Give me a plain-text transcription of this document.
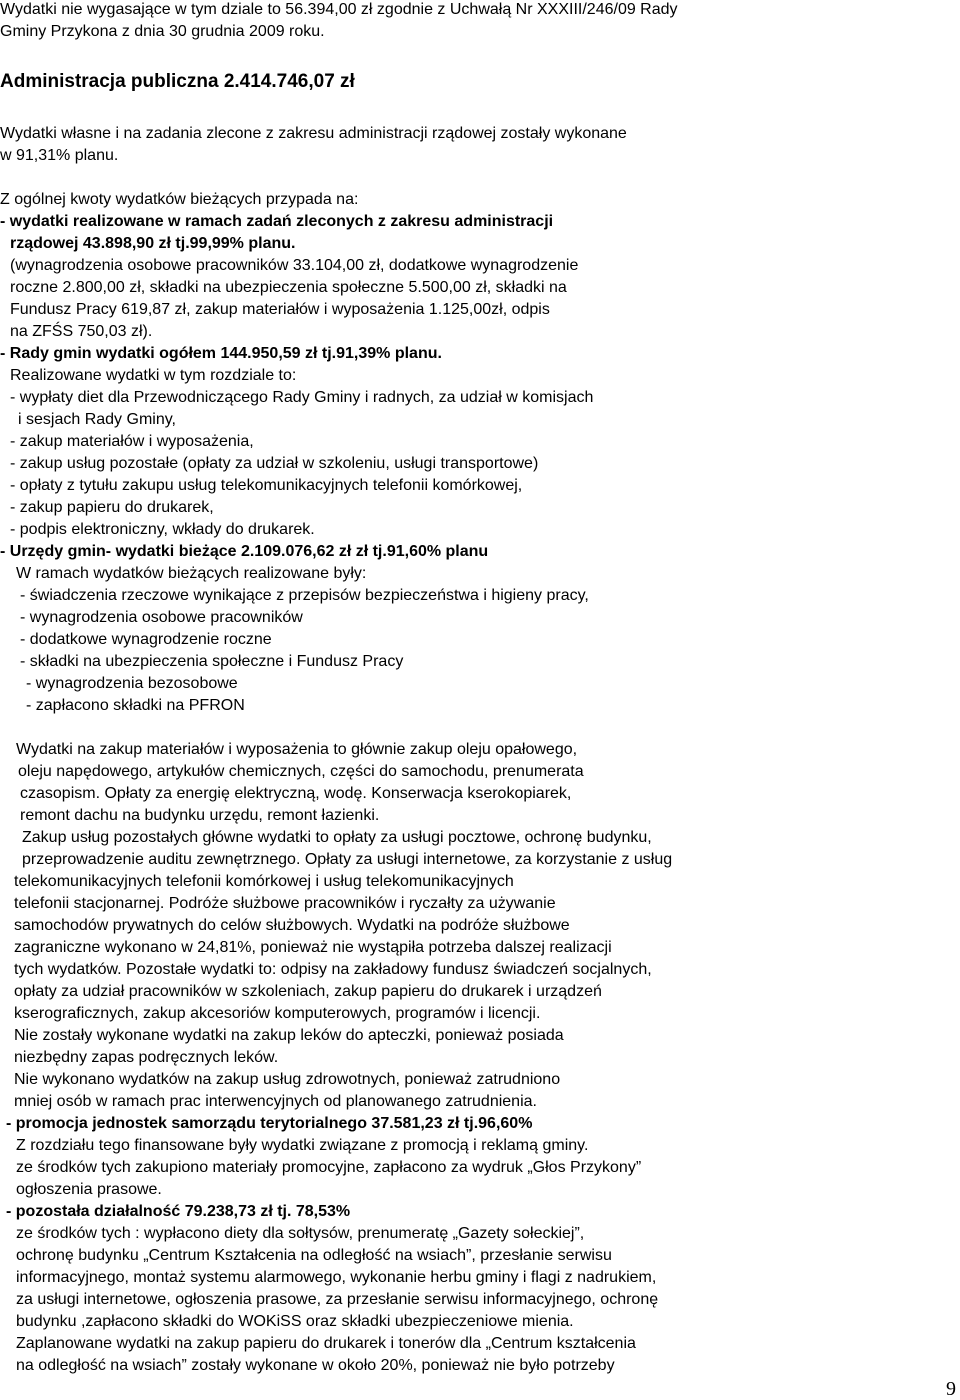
Wydatki nie wygasające w tym dziale to 56.394,00 zł zgodnie z Uchwałą Nr XXXIII/246/09 Rady

Gminy Przykona z dnia 30 grudnia 2009 roku.

Administracja publiczna 2.414.746,07 zł

Wydatki własne i na zadania zlecone z zakresu administracji rządowej zostały wykonane

w 91,31% planu.

Z ogólnej kwoty wydatków bieżących przypada na:

- wydatki realizowane w ramach zadań zleconych z zakresu administracji

rządowej 43.898,90 zł tj.99,99% planu.

(wynagrodzenia osobowe pracowników 33.104,00 zł, dodatkowe wynagrodzenie

roczne 2.800,00 zł, składki na ubezpieczenia społeczne 5.500,00 zł, składki na

Fundusz Pracy 619,87 zł, zakup materiałów i wyposażenia 1.125,00zł, odpis

na ZFŚS 750,03 zł).

- Rady gmin wydatki ogółem 144.950,59 zł tj.91,39% planu.

Realizowane wydatki w tym rozdziale to:

- wypłaty diet dla Przewodniczącego Rady Gminy i radnych, za udział w komisjach

i sesjach Rady Gminy,

- zakup materiałów i wyposażenia,

- zakup usług pozostałe (opłaty za udział w szkoleniu, usługi transportowe)

- opłaty z tytułu zakupu usług telekomunikacyjnych telefonii komórkowej,

- zakup papieru do drukarek,

- podpis elektroniczny, wkłady do drukarek.

- Urzędy gmin- wydatki bieżące 2.109.076,62 zł zł tj.91,60% planu

W ramach wydatków bieżących realizowane były:

- świadczenia rzeczowe wynikające z przepisów bezpieczeństwa i higieny pracy,

- wynagrodzenia osobowe pracowników

- dodatkowe wynagrodzenie roczne

- składki na ubezpieczenia społeczne i Fundusz Pracy

- wynagrodzenia bezosobowe

- zapłacono składki na PFRON

Wydatki na zakup materiałów i wyposażenia to głównie zakup oleju opałowego,

oleju napędowego, artykułów chemicznych, części do samochodu, prenumerata

czasopism. Opłaty za energię elektryczną, wodę. Konserwacja kserokopiarek,

remont dachu na budynku urzędu, remont łazienki.

Zakup usług pozostałych główne wydatki to opłaty za usługi pocztowe, ochronę budynku,

przeprowadzenie auditu zewnętrznego. Opłaty za usługi internetowe, za korzystanie z usług

telekomunikacyjnych telefonii komórkowej i usług telekomunikacyjnych

telefonii stacjonarnej. Podróże służbowe pracowników i ryczałty za używanie

samochodów prywatnych do celów służbowych. Wydatki na podróże służbowe

zagraniczne wykonano w 24,81%, ponieważ nie wystąpiła potrzeba dalszej realizacji

tych wydatków. Pozostałe wydatki to: odpisy na zakładowy fundusz świadczeń socjalnych,

opłaty za udział pracowników w szkoleniach, zakup papieru do drukarek i urządzeń

kserograficznych, zakup akcesoriów komputerowych, programów i licencji.

Nie zostały wykonane wydatki na zakup leków do apteczki, ponieważ posiada

niezbędny zapas podręcznych leków.

Nie wykonano wydatków na zakup usług zdrowotnych, ponieważ zatrudniono

mniej osób w ramach prac interwencyjnych od planowanego zatrudnienia.

- promocja jednostek samorządu terytorialnego 37.581,23 zł tj.96,60%

Z rozdziału tego finansowane były wydatki związane z promocją i reklamą gminy.

ze środków tych zakupiono materiały promocyjne, zapłacono za wydruk „Głos Przykony”

ogłoszenia prasowe.

- pozostała działalność 79.238,73 zł tj. 78,53%

ze środków tych : wypłacono diety dla sołtysów, prenumeratę „Gazety sołeckiej”,

ochronę budynku „Centrum Kształcenia na odległość na wsiach”, przesłanie serwisu

informacyjnego, montaż systemu alarmowego, wykonanie herbu gminy i flagi z nadrukiem,

za usługi internetowe, ogłoszenia prasowe, za przesłanie serwisu informacyjnego, ochronę

budynku ,zapłacono składki do WOKiSS oraz składki ubezpieczeniowe mienia.

Zaplanowane wydatki na zakup papieru do drukarek i tonerów dla „Centrum kształcenia

na odległość na wsiach” zostały wykonane w około 20%, ponieważ nie było potrzeby

9
